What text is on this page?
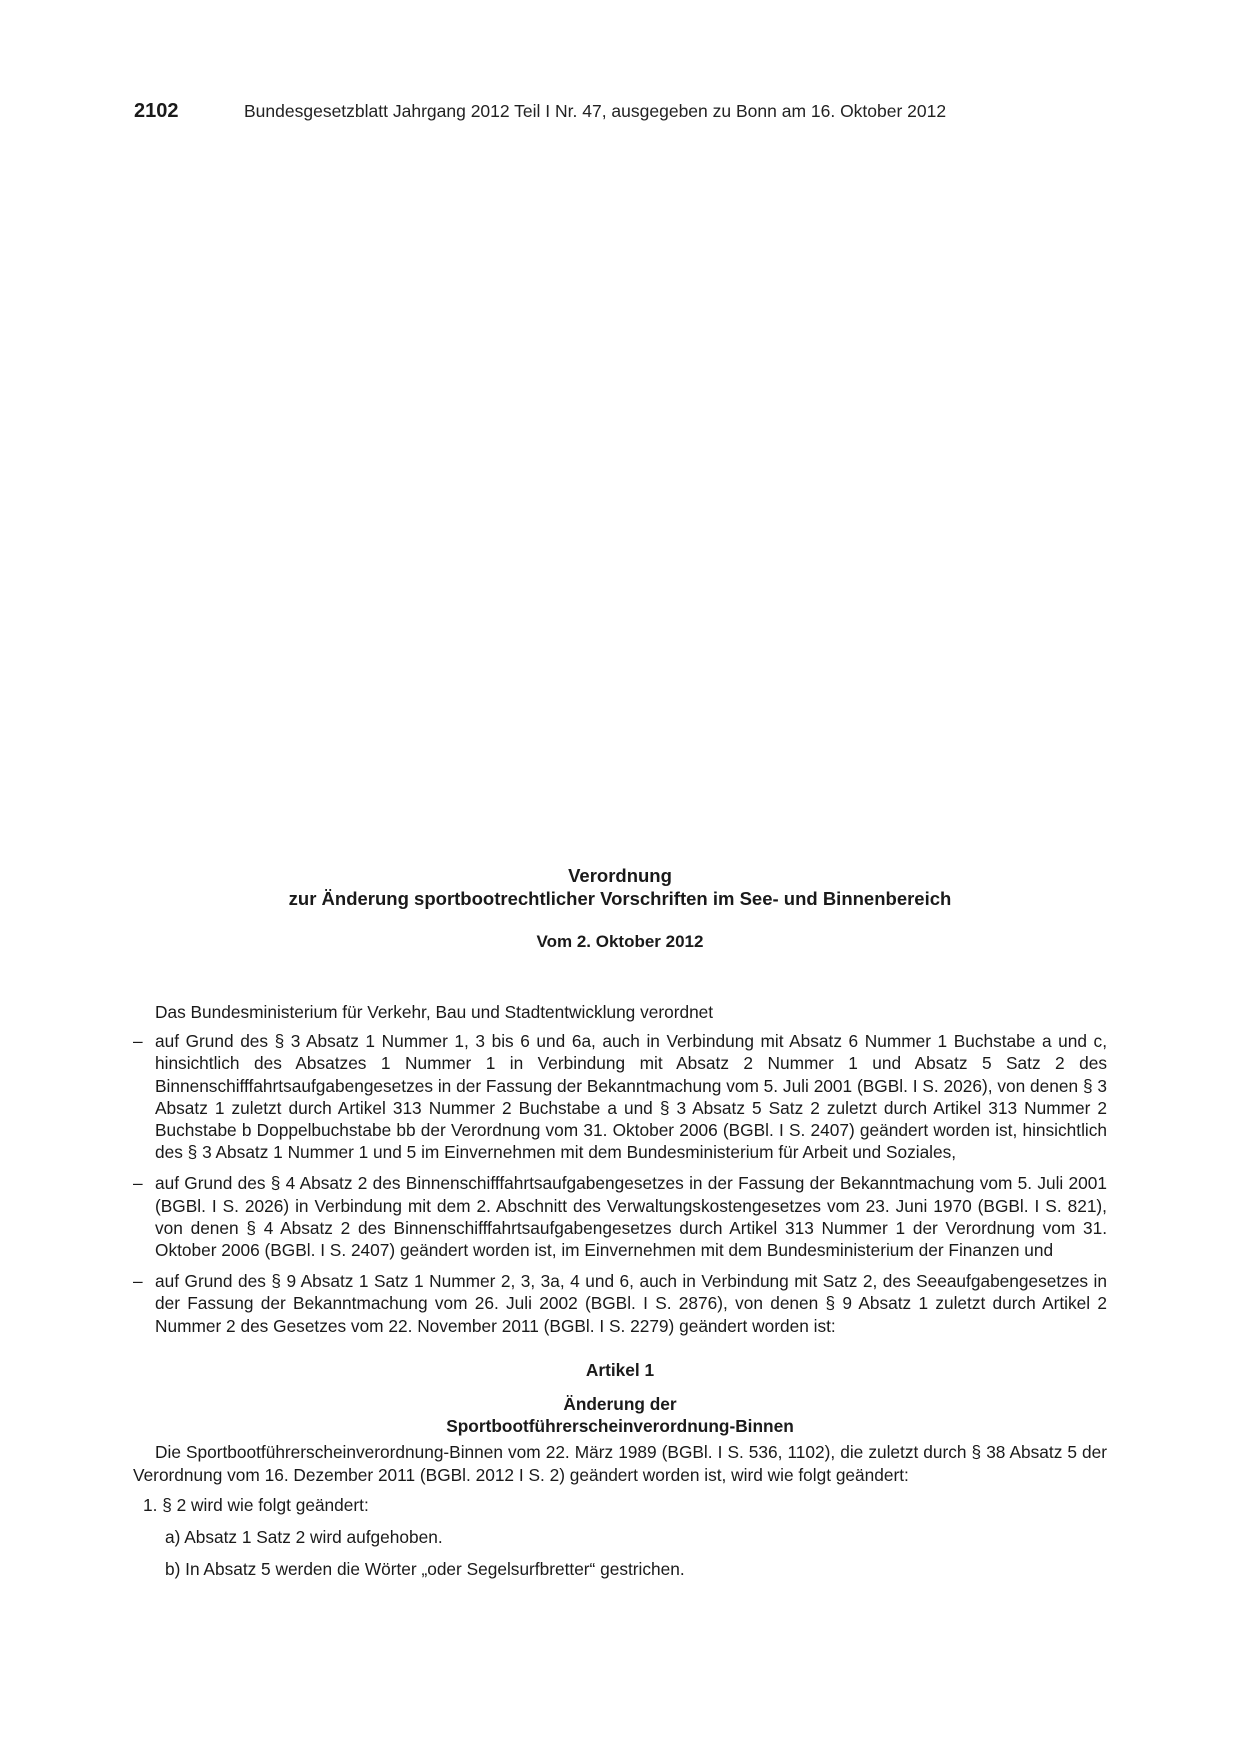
2102	Bundesgesetzblatt Jahrgang 2012 Teil I Nr. 47, ausgegeben zu Bonn am 16. Oktober 2012

Verordnung

zur Änderung sportbootrechtlicher Vorschriften im See- und Binnenbereich

Vom 2. Oktober 2012

Das Bundesministerium für Verkehr, Bau und Stadtentwicklung verordnet

– auf Grund des § 3 Absatz 1 Nummer 1, 3 bis 6 und 6a, auch in Verbindung mit Absatz 6 Nummer 1 Buchstabe a und c, hinsichtlich des Absatzes 1 Nummer 1 in Verbindung mit Absatz 2 Nummer 1 und Absatz 5 Satz 2 des Binnenschifffahrtsaufgabengesetzes in der Fassung der Bekanntmachung vom 5. Juli 2001 (BGBl. I S. 2026), von denen § 3 Absatz 1 zuletzt durch Artikel 313 Nummer 2 Buchstabe a und § 3 Absatz 5 Satz 2 zuletzt durch Artikel 313 Nummer 2 Buchstabe b Doppelbuchstabe bb der Verordnung vom 31. Oktober 2006 (BGBl. I S. 2407) geändert worden ist, hinsichtlich des § 3 Absatz 1 Nummer 1 und 5 im Einvernehmen mit dem Bundesministerium für Arbeit und Soziales,

– auf Grund des § 4 Absatz 2 des Binnenschifffahrtsaufgabengesetzes in der Fassung der Bekanntmachung vom 5. Juli 2001 (BGBl. I S. 2026) in Verbindung mit dem 2. Abschnitt des Verwaltungskostengesetzes vom 23. Juni 1970 (BGBl. I S. 821), von denen § 4 Absatz 2 des Binnenschifffahrtsaufgabengesetzes durch Artikel 313 Nummer 1 der Verordnung vom 31. Oktober 2006 (BGBl. I S. 2407) geändert worden ist, im Einvernehmen mit dem Bundesministerium der Finanzen und

– auf Grund des § 9 Absatz 1 Satz 1 Nummer 2, 3, 3a, 4 und 6, auch in Verbindung mit Satz 2, des Seeaufgabengesetzes in der Fassung der Bekanntmachung vom 26. Juli 2002 (BGBl. I S. 2876), von denen § 9 Absatz 1 zuletzt durch Artikel 2 Nummer 2 des Gesetzes vom 22. November 2011 (BGBl. I S. 2279) geändert worden ist:

Artikel 1
Änderung der
Sportbootführerscheinverordnung-Binnen

Die Sportbootführerscheinverordnung-Binnen vom 22. März 1989 (BGBl. I S. 536, 1102), die zuletzt durch § 38 Absatz 5 der Verordnung vom 16. Dezember 2011 (BGBl. 2012 I S. 2) geändert worden ist, wird wie folgt geändert:

1. § 2 wird wie folgt geändert:

a) Absatz 1 Satz 2 wird aufgehoben.

b) In Absatz 5 werden die Wörter „oder Segelsurfbretter“ gestrichen.
